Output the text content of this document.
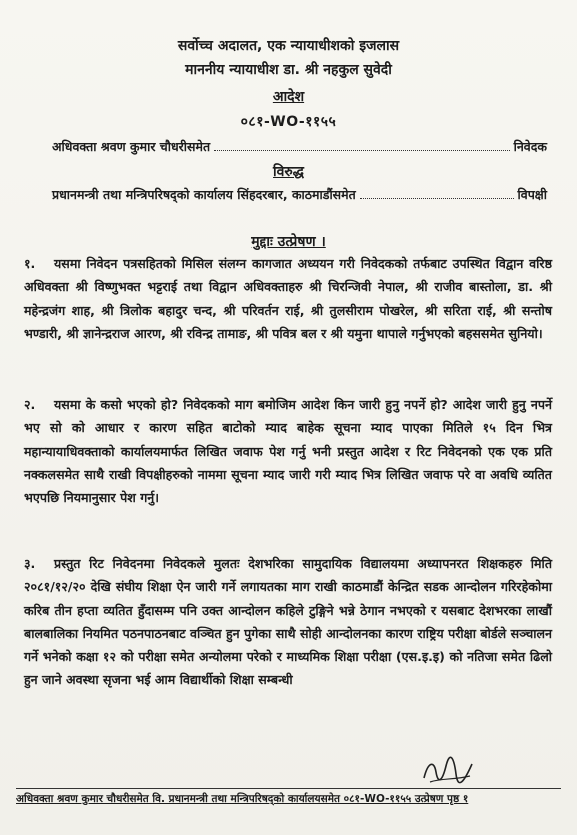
सर्वोच्च अदालत, एक न्यायाधीशको इजलास
माननीय न्यायाधीश डा. श्री नहकुल सुवेदी
आदेश
०८१-WO-११५५
अधिवक्ता श्रवण कुमार चौधरीसमेत	निवेदक
विरुद्ध
प्रधानमन्त्री तथा मन्त्रिपरिषद्को कार्यालय सिंहदरबार, काठमाडौंसमेत	विपक्षी
मुद्दाः उत्प्रेषण ।
१. यसमा निवेदन पत्रसहितको मिसिल संलग्न कागजात अध्ययन गरी निवेदकको तर्फबाट उपस्थित विद्वान वरिष्ठ अधिवक्ता श्री विष्णुभक्त भट्टराई तथा विद्वान अधिवक्ताहरु श्री चिरन्जिवी नेपाल, श्री राजीव बास्तोला, डा. श्री महेन्द्रजंग शाह, श्री त्रिलोक बहादुर चन्द, श्री परिवर्तन राई, श्री तुलसीराम पोखरेल, श्री सरिता राई, श्री सन्तोष भण्डारी, श्री ज्ञानेन्द्रराज आरण, श्री रविन्द्र तामाङ, श्री पवित्र बल र श्री यमुना थापाले गर्नुभएको बहससमेत सुनियो।
२. यसमा के कसो भएको हो? निवेदकको माग बमोजिम आदेश किन जारी हुनु नपर्ने हो? आदेश जारी हुनु नपर्ने भए सो को आधार र कारण सहित बाटोको म्याद बाहेक सूचना म्याद पाएका मितिले १५ दिन भित्र महान्यायाधिवक्ताको कार्यालयमार्फत लिखित जवाफ पेश गर्नु भनी प्रस्तुत आदेश र रिट निवेदनको एक एक प्रति नक्कलसमेत साथै राखी विपक्षीहरुको नाममा सूचना म्याद जारी गरी म्याद भित्र लिखित जवाफ परे वा अवधि व्यतित भएपछि नियमानुसार पेश गर्नु।
३. प्रस्तुत रिट निवेदनमा निवेदकले मुलतः देशभरिका सामुदायिक विद्यालयमा अध्यापनरत शिक्षकहरु मिति २०८१/१२/२० देखि संघीय शिक्षा ऐन जारी गर्ने लगायतका माग राखी काठमाडौं केन्द्रित सडक आन्दोलन गरिरहेकोमा करिब तीन हप्ता व्यतित हुँदासम्म पनि उक्त आन्दोलन कहिले टुङ्गिने भन्ने ठेगान नभएको र यसबाट देशभरका लाखौं बालबालिका नियमित पठनपाठनबाट वञ्चित हुन पुगेका साथै सोही आन्दोलनका कारण राष्ट्रिय परीक्षा बोर्डले सञ्चालन गर्ने भनेको कक्षा १२ को परीक्षा समेत अन्योलमा परेको र माध्यमिक शिक्षा परीक्षा (एस.इ.इ) को नतिजा समेत ढिलो हुन जाने अवस्था सृजना भई आम विद्यार्थीको शिक्षा सम्बन्धी
अधिवक्ता श्रवण कुमार चौधरीसमेत वि. प्रधानमन्त्री तथा मन्त्रिपरिषद्को कार्यालयसमेत ०८१-WO-११५५ उत्प्रेषण पृष्ठ १
